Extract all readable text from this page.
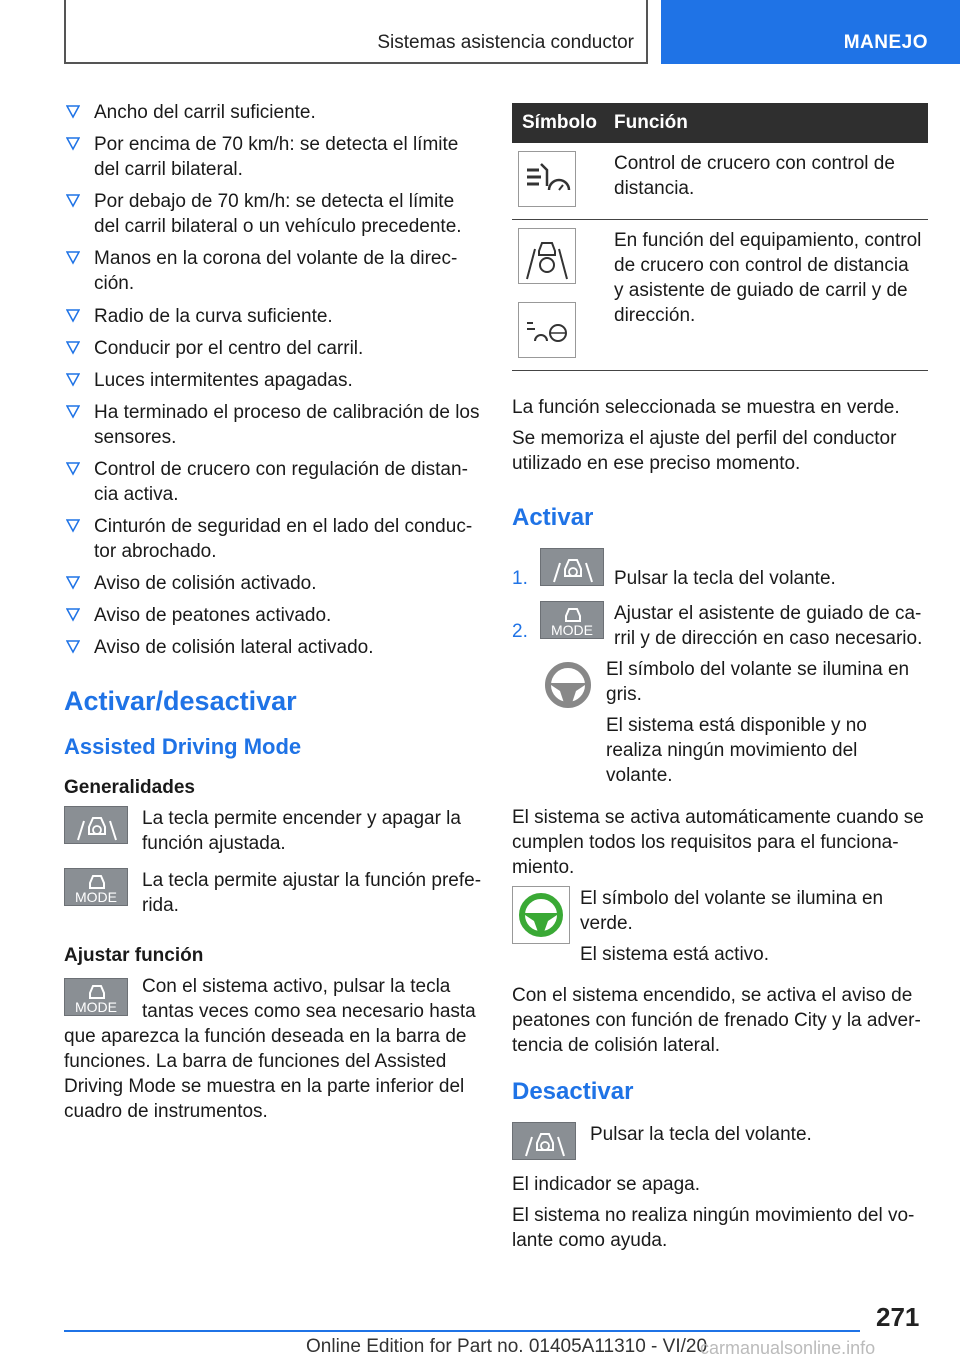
Sistemas asistencia conductor	MANEJO
Ancho del carril suficiente.
Por encima de 70 km/h: se detecta el límite del carril bilateral.
Por debajo de 70 km/h: se detecta el límite del carril bilateral o un vehículo precedente.
Manos en la corona del volante de la dirección.
Radio de la curva suficiente.
Conducir por el centro del carril.
Luces intermitentes apagadas.
Ha terminado el proceso de calibración de los sensores.
Control de crucero con regulación de distancia activa.
Cinturón de seguridad en el lado del conductor abrochado.
Aviso de colisión activado.
Aviso de peatones activado.
Aviso de colisión lateral activado.
Activar/desactivar
Assisted Driving Mode
Generalidades
La tecla permite encender y apagar la función ajustada.
MODE
La tecla permite ajustar la función preferida.
Ajustar función
MODE
Con el sistema activo, pulsar la tecla tantas veces como sea necesario hasta que aparezca la función deseada en la barra de funciones. La barra de funciones del Assisted Driving Mode se muestra en la parte inferior del cuadro de instrumentos.
Símbolo	Función

	Control de crucero con control de distancia.

	En función del equipamiento, control de crucero con control de distancia y asistente de guiado de carril y de dirección.

La función seleccionada se muestra en verde.

Se memoriza el ajuste del perfil del conductor utilizado en ese preciso momento.

Activar
1.	Pulsar la tecla del volante.
2.	MODE
Ajustar el asistente de guiado de carril y de dirección en caso necesario.

El símbolo del volante se ilumina en gris.

El sistema está disponible y no realiza ningún movimiento del volante.

El sistema se activa automáticamente cuando se cumplen todos los requisitos para el funcionamiento.

El símbolo del volante se ilumina en verde.

El sistema está activo.

Con el sistema encendido, se activa el aviso de peatones con función de frenado City y la advertencia de colisión lateral.

Desactivar
Pulsar la tecla del volante.

El indicador se apaga.

El sistema no realiza ningún movimiento del volante como ayuda.

271
Online Edition for Part no. 01405A11310 - VI/20
carmanualsonline.info
